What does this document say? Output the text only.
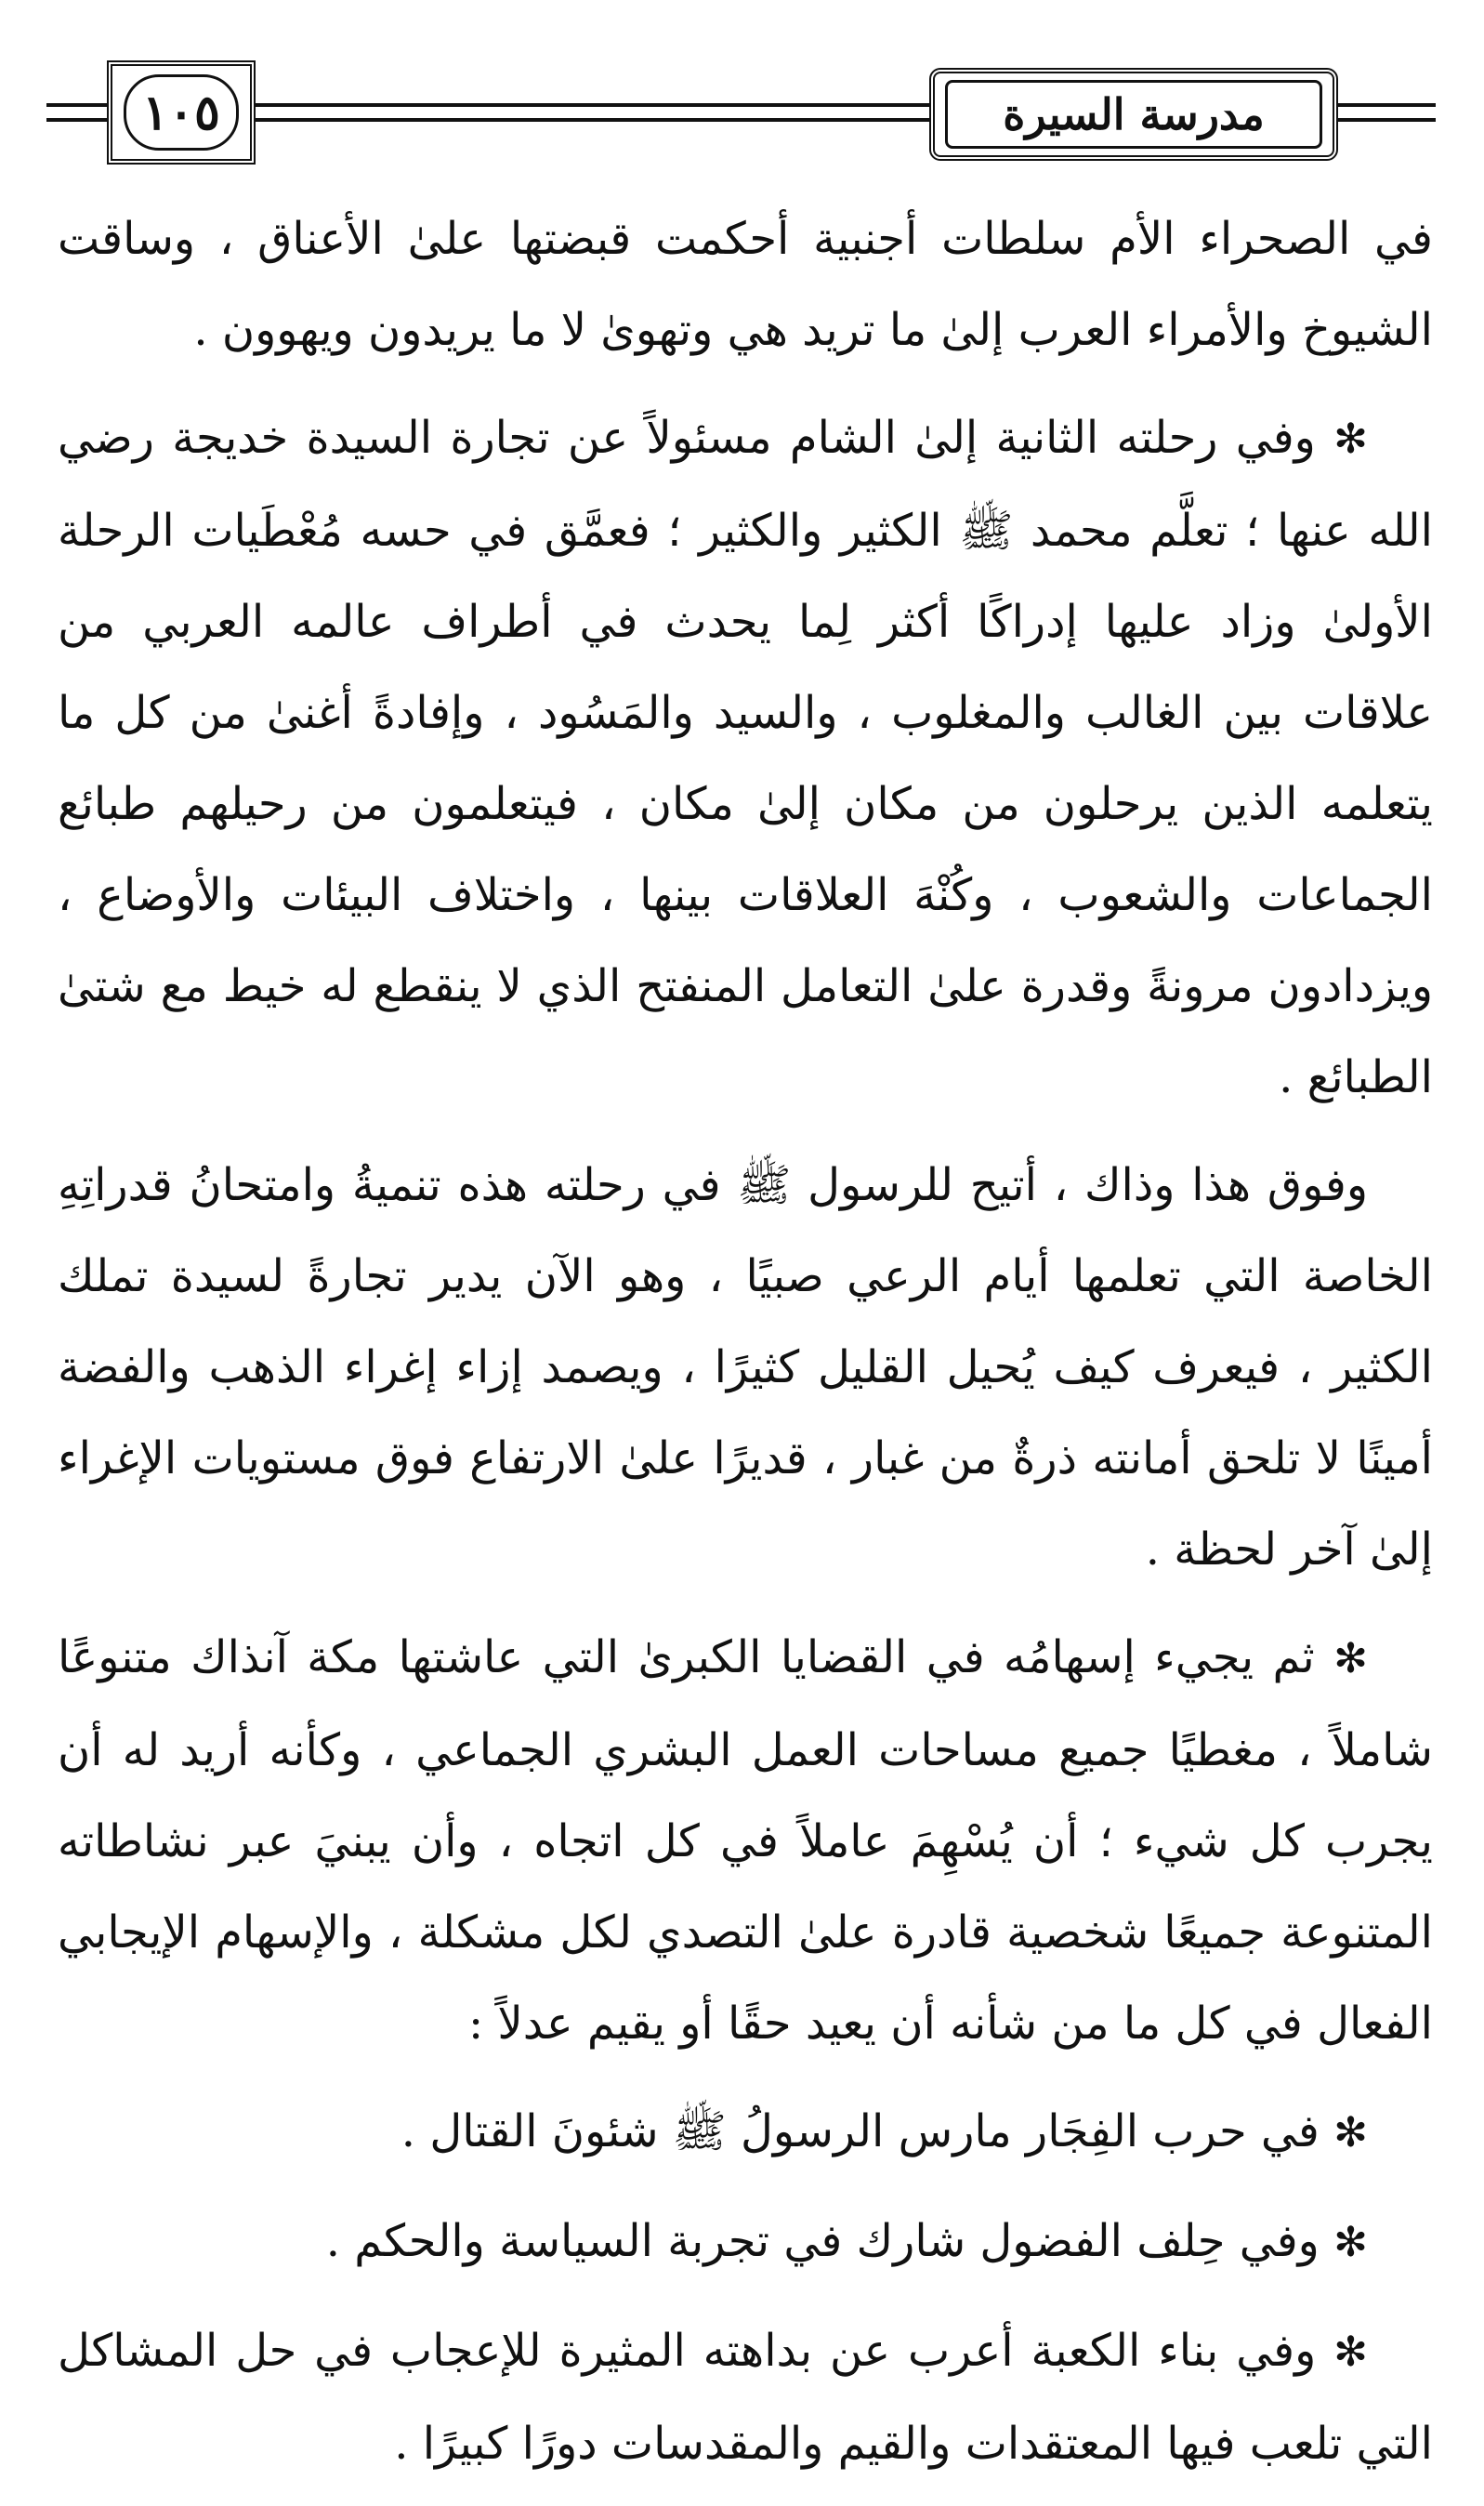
مدرسة السيرة
١٠٥

في الصحراء الأم سلطات أجنبية أحكمت قبضتها علىٰ الأعناق ، وساقت الشيوخ والأمراء العرب إلىٰ ما تريد هي وتهوىٰ لا ما يريدون ويهوون .

✻ وفي رحلته الثانية إلىٰ الشام مسئولاً عن تجارة السيدة خديجة رضي الله عنها ؛ تعلَّم محمد ﷺ الكثير والكثير ؛ فعمَّق في حسه مُعْطَيات الرحلة الأولىٰ وزاد عليها إدراكًا أكثر لِما يحدث في أطراف عالمه العربي من علاقات بين الغالب والمغلوب ، والسيد والمَسُود ، وإفادةً أغنىٰ من كل ما يتعلمه الذين يرحلون من مكان إلىٰ مكان ، فيتعلمون من رحيلهم طبائع الجماعات والشعوب ، وكُنْهَ العلاقات بينها ، واختلاف البيئات والأوضاع ، ويزدادون مرونةً وقدرة علىٰ التعامل المنفتح الذي لا ينقطع له خيط مع شتىٰ الطبائع .

وفوق هذا وذاك ، أتيح للرسول ﷺ في رحلته هذه تنميةُ وامتحانُ قدراتِهِ الخاصة التي تعلمها أيام الرعي صبيًا ، وهو الآن يدير تجارةً لسيدة تملك الكثير ، فيعرف كيف يُحيل القليل كثيرًا ، ويصمد إزاء إغراء الذهب والفضة أمينًا لا تلحق أمانته ذرةٌ من غبار ، قديرًا علىٰ الارتفاع فوق مستويات الإغراء إلىٰ آخر لحظة .

✻ ثم يجيء إسهامُه في القضايا الكبرىٰ التي عاشتها مكة آنذاك متنوعًا شاملاً ، مغطيًا جميع مساحات العمل البشري الجماعي ، وكأنه أريد له أن يجرب كل شيء ؛ أن يُسْهِمَ عاملاً في كل اتجاه ، وأن يبنيَ عبر نشاطاته المتنوعة جميعًا شخصية قادرة علىٰ التصدي لكل مشكلة ، والإسهام الإيجابي الفعال في كل ما من شأنه أن يعيد حقًا أو يقيم عدلاً :

✻ في حرب الفِجَار مارس الرسولُ ﷺ شئونَ القتال .

✻ وفي حِلف الفضول شارك في تجربة السياسة والحكم .

✻ وفي بناء الكعبة أعرب عن بداهته المثيرة للإعجاب في حل المشاكل التي تلعب فيها المعتقدات والقيم والمقدسات دورًا كبيرًا .
